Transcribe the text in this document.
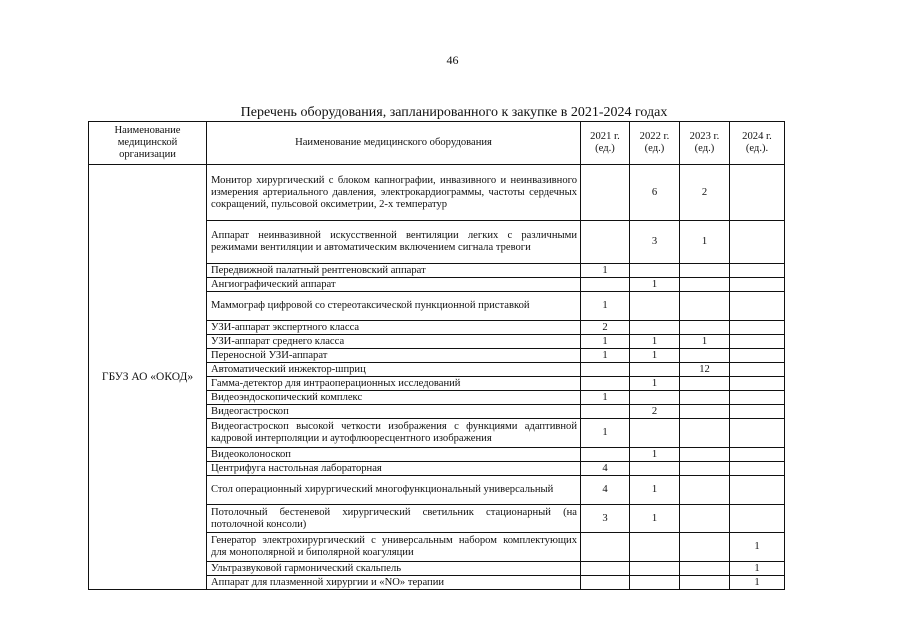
46
Перечень оборудования, запланированного к закупке в 2021-2024 годах
Наименование медицинской организации	Наименование медицинского оборудования	2021 г. (ед.)	2022 г. (ед.)	2023 г. (ед.)	2024 г. (ед.).
ГБУЗ АО «ОКОД»	Монитор хирургический с блоком капнографии, инвазивного и неинвазивного измерения артериального давления, электрокардиограммы, частоты сердечных сокращений, пульсовой оксиметрии, 2-х температур		6	2	
	Аппарат неинвазивной искусственной вентиляции легких с различными режимами вентиляции и автоматическим включением сигнала тревоги		3	1	
	Передвижной палатный рентгеновский аппарат	1			
	Ангиографический аппарат		1		
	Маммограф цифровой со стереотаксической пункционной приставкой	1			
	УЗИ-аппарат экспертного класса	2			
	УЗИ-аппарат среднего класса	1	1	1	
	Переносной УЗИ-аппарат	1	1		
	Автоматический инжектор-шприц			12	
	Гамма-детектор для интраоперационных исследований		1		
	Видеоэндоскопический комплекс	1			
	Видеогастроскоп		2		
	Видеогастроскоп высокой четкости изображения с функциями адаптивной кадровой интерполяции и аутофлюоресцентного изображения	1			
	Видеоколоноскоп		1		
	Центрифуга настольная лабораторная	4			
	Стол операционный хирургический многофункциональный универсальный	4	1		
	Потолочный бестеневой хирургический светильник стационарный (на потолочной консоли)	3	1		
	Генератор электрохирургический с универсальным набором комплектующих для монополярной и биполярной коагуляции				1
	Ультразвуковой гармонический скальпель				1
	Аппарат для плазменной хирургии и «NO» терапии				1
